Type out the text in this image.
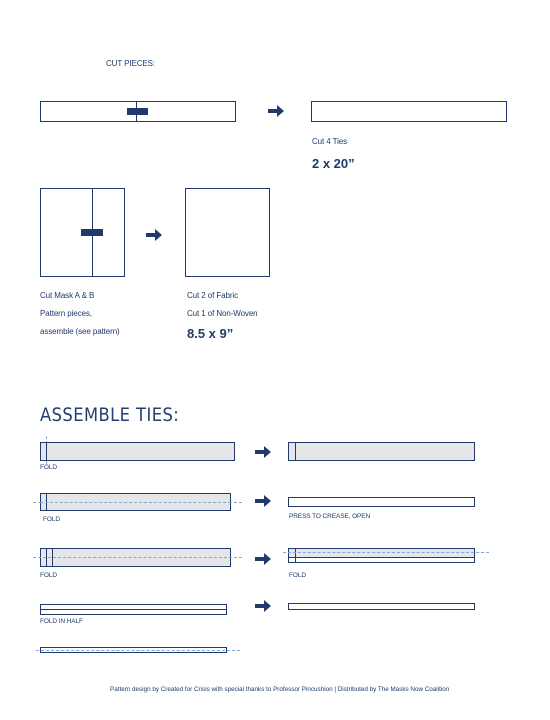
CUT PIECES:
Cut 4 Ties
2 x 20”
Cut Mask A & B
Pattern pieces,
assemble (see pattern)
Cut 2 of Fabric
Cut 1 of Non-Woven
8.5 x 9”
ASSEMBLE TIES:
FOLD
FOLD	PRESS TO CREASE, OPEN
FOLD	FOLD
FOLD IN HALF
Pattern design by Created for Crisis with special thanks to Professor Pincushion | Distributed by The Masks Now Coalition
